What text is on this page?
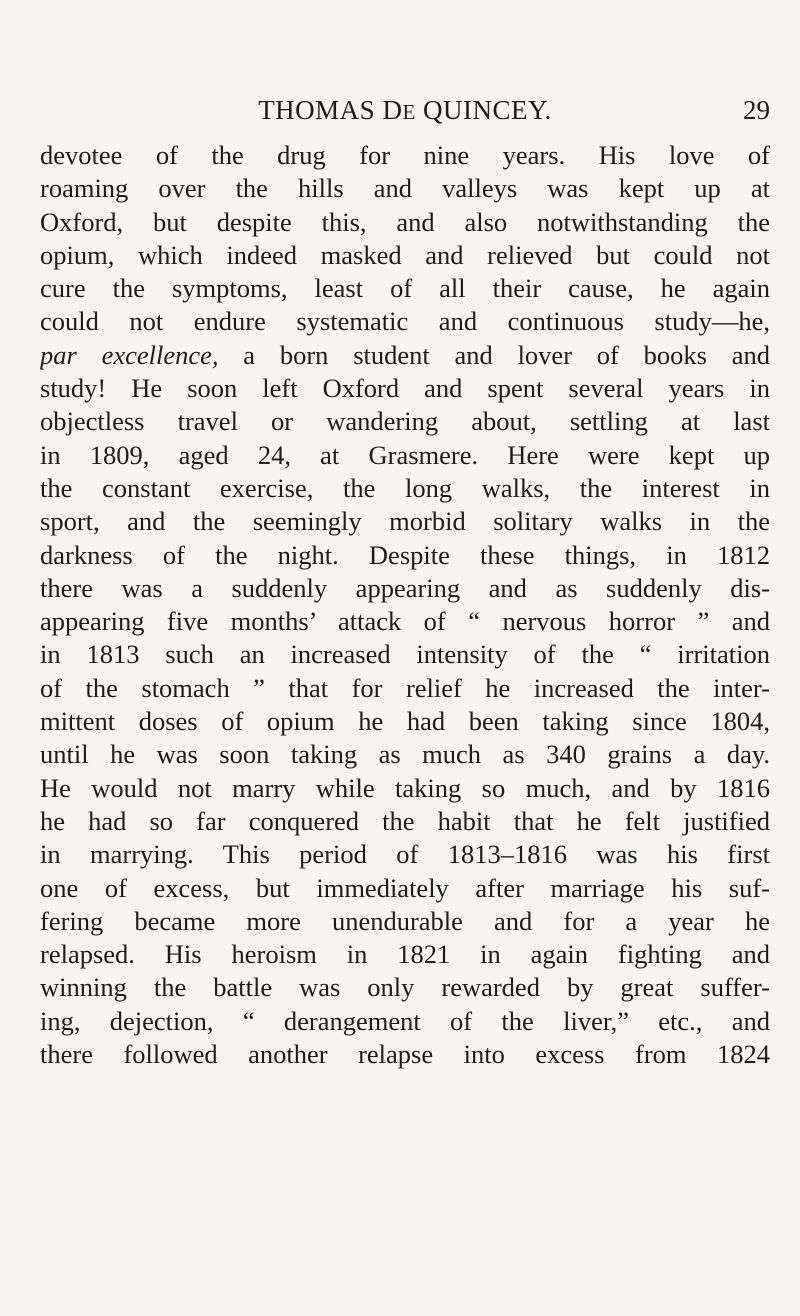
THOMAS DE QUINCEY.	29
devotee of the drug for nine years. His love of
roaming over the hills and valleys was kept up at
Oxford, but despite this, and also notwithstanding the
opium, which indeed masked and relieved but could not
cure the symptoms, least of all their cause, he again
could not endure systematic and continuous study—he,
par excellence, a born student and lover of books and
study! He soon left Oxford and spent several years in
objectless travel or wandering about, settling at last
in 1809, aged 24, at Grasmere. Here were kept up
the constant exercise, the long walks, the interest in
sport, and the seemingly morbid solitary walks in the
darkness of the night. Despite these things, in 1812
there was a suddenly appearing and as suddenly dis-
appearing five months’ attack of “ nervous horror ” and
in 1813 such an increased intensity of the “ irritation
of the stomach ” that for relief he increased the inter-
mittent doses of opium he had been taking since 1804,
until he was soon taking as much as 340 grains a day.
He would not marry while taking so much, and by 1816
he had so far conquered the habit that he felt justified
in marrying. This period of 1813–1816 was his first
one of excess, but immediately after marriage his suf-
fering became more unendurable and for a year he
relapsed. His heroism in 1821 in again fighting and
winning the battle was only rewarded by great suffer-
ing, dejection, “ derangement of the liver,” etc., and
there followed another relapse into excess from 1824
